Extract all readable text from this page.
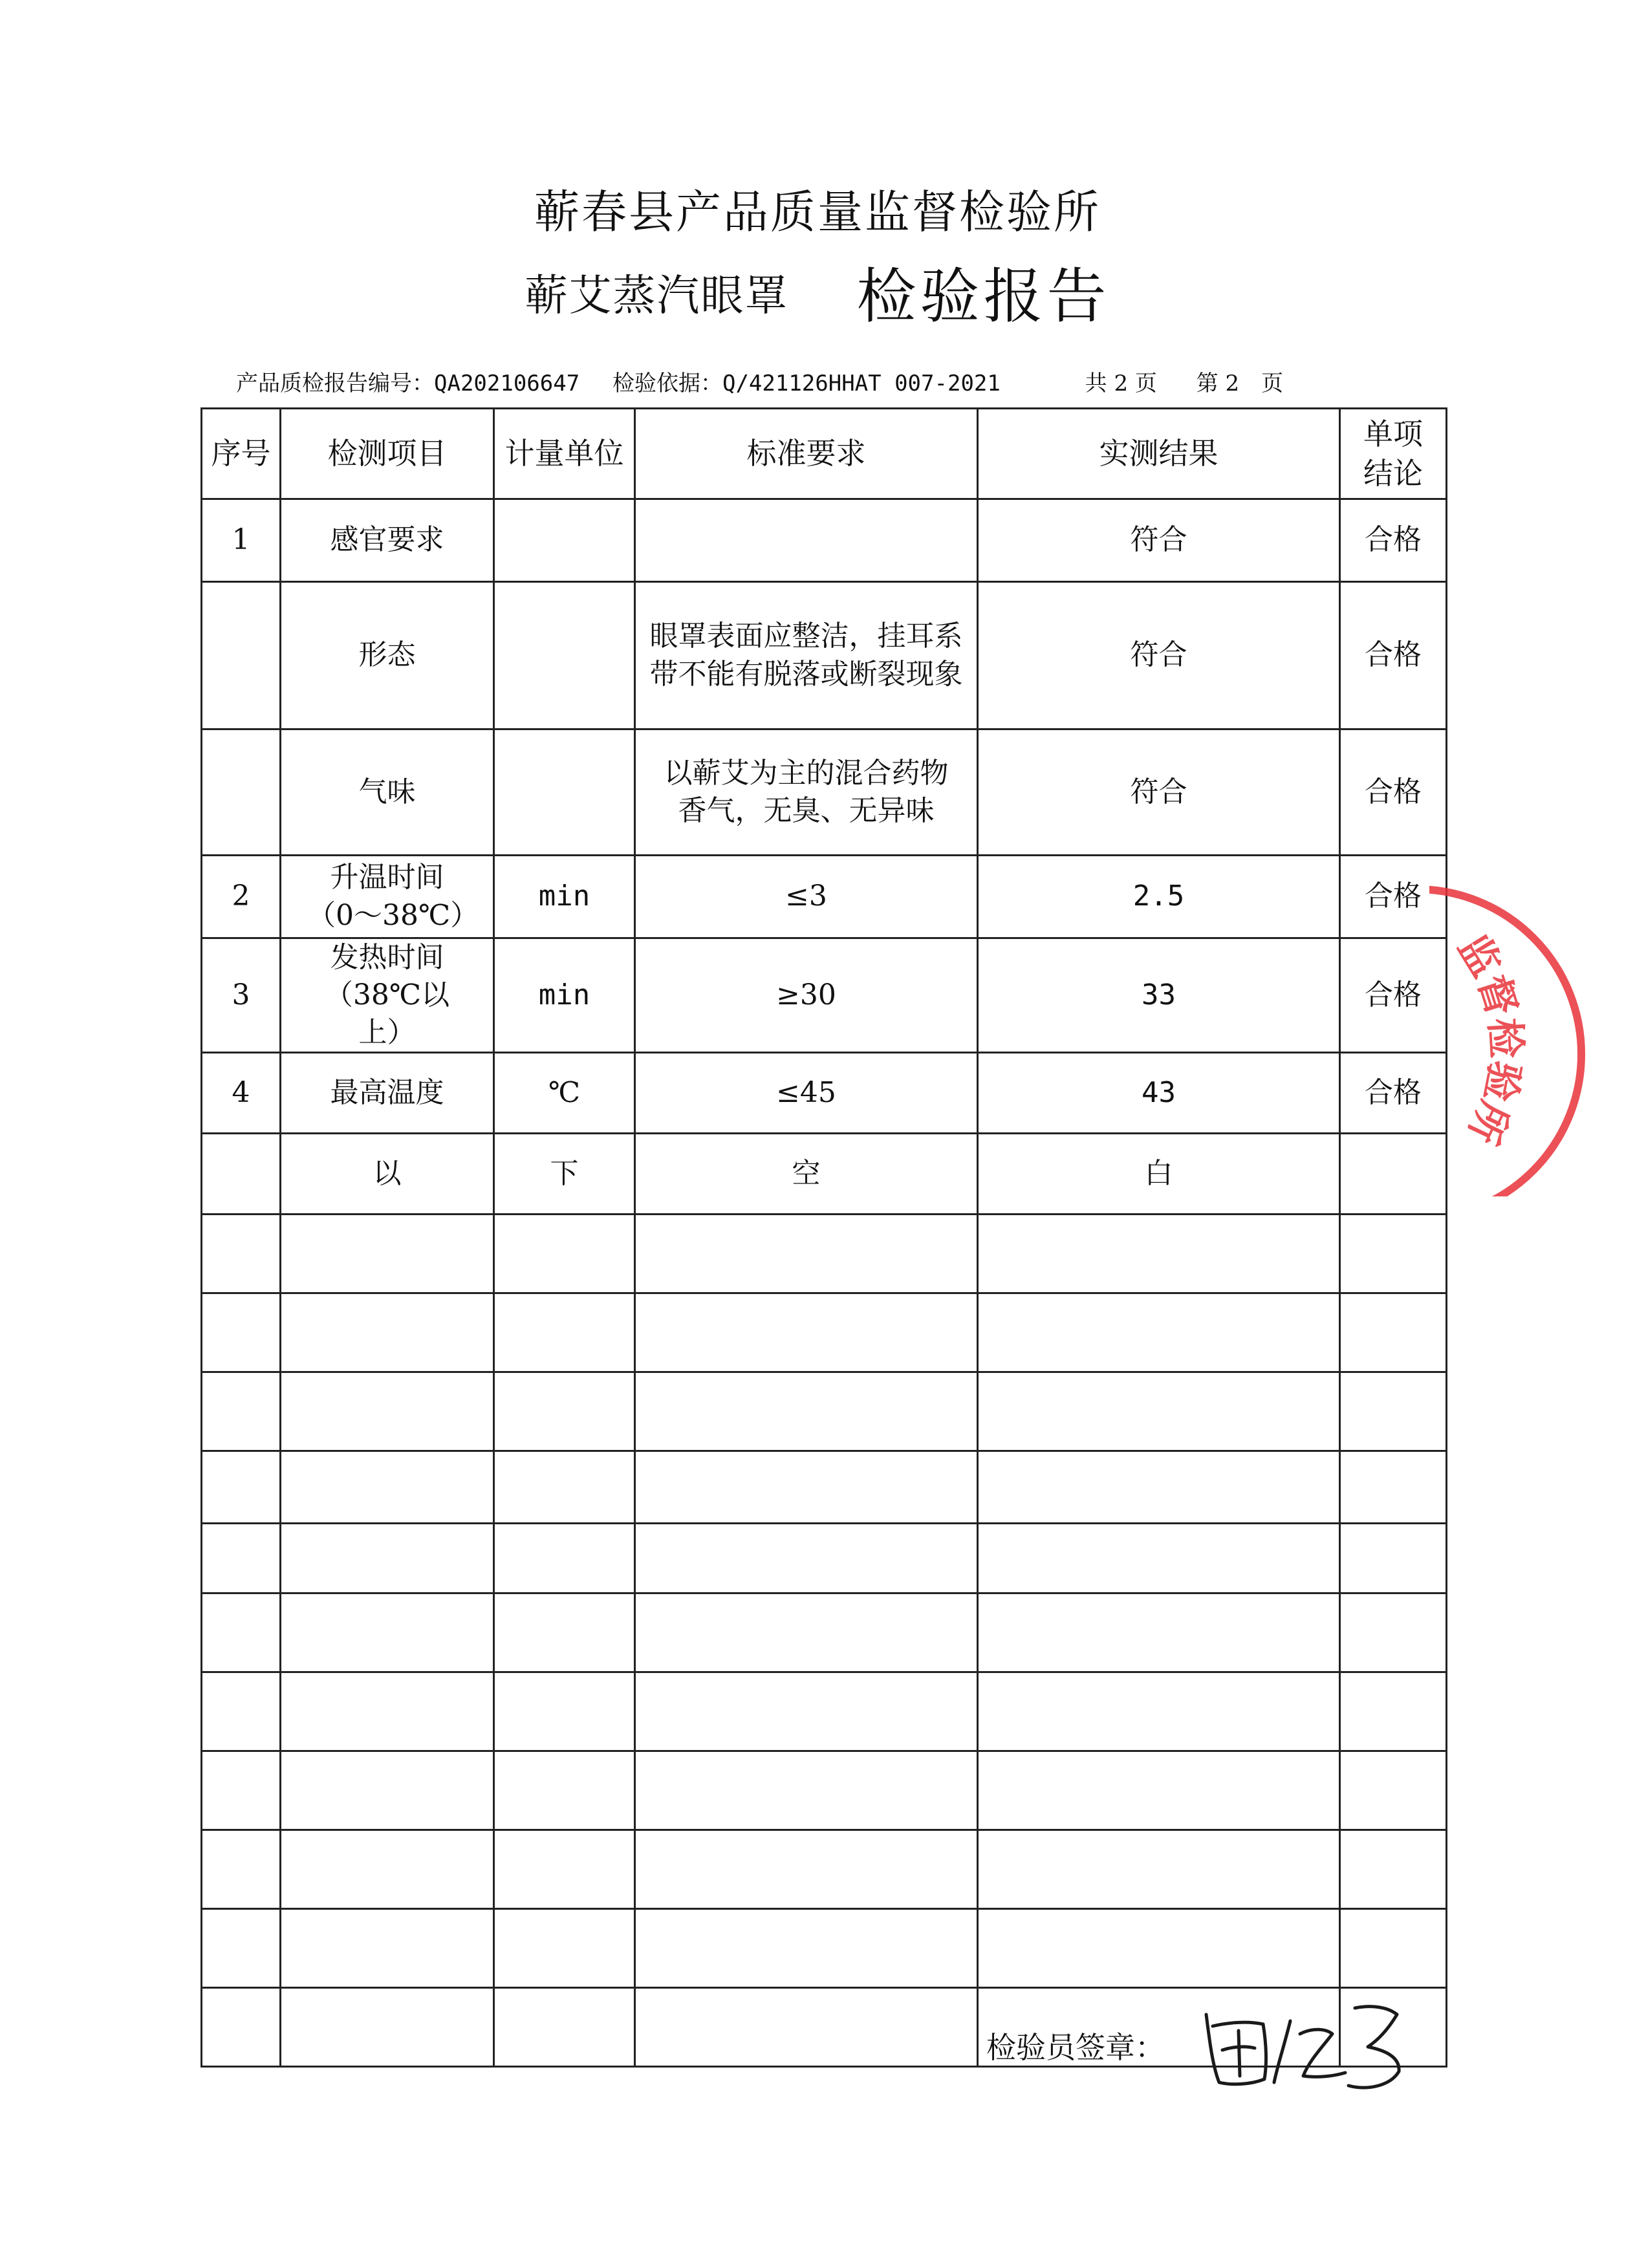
蕲春县产品质量监督检验所
蕲艾蒸汽眼罩 检验报告
产品质检报告编号：QA202106647 检验依据：Q/421126HHAT 007-2021	共 2 页 第 2　页
序号	检测项目	计量单位	标准要求	实测结果	单项结论
1	感官要求			符合	合格
	形态		眼罩表面应整洁，挂耳系带不能有脱落或断裂现象	符合	合格
	气味		以蕲艾为主的混合药物香气，无臭、无异味	符合	合格
2	升温时间（0～38℃）	min	≤3	2.5	合格
3	发热时间（38℃以上）	min	≥30	33	合格
4	最高温度	℃	≤45	43	合格
	以	下	空	白	

检验员签章：
监督检验所
